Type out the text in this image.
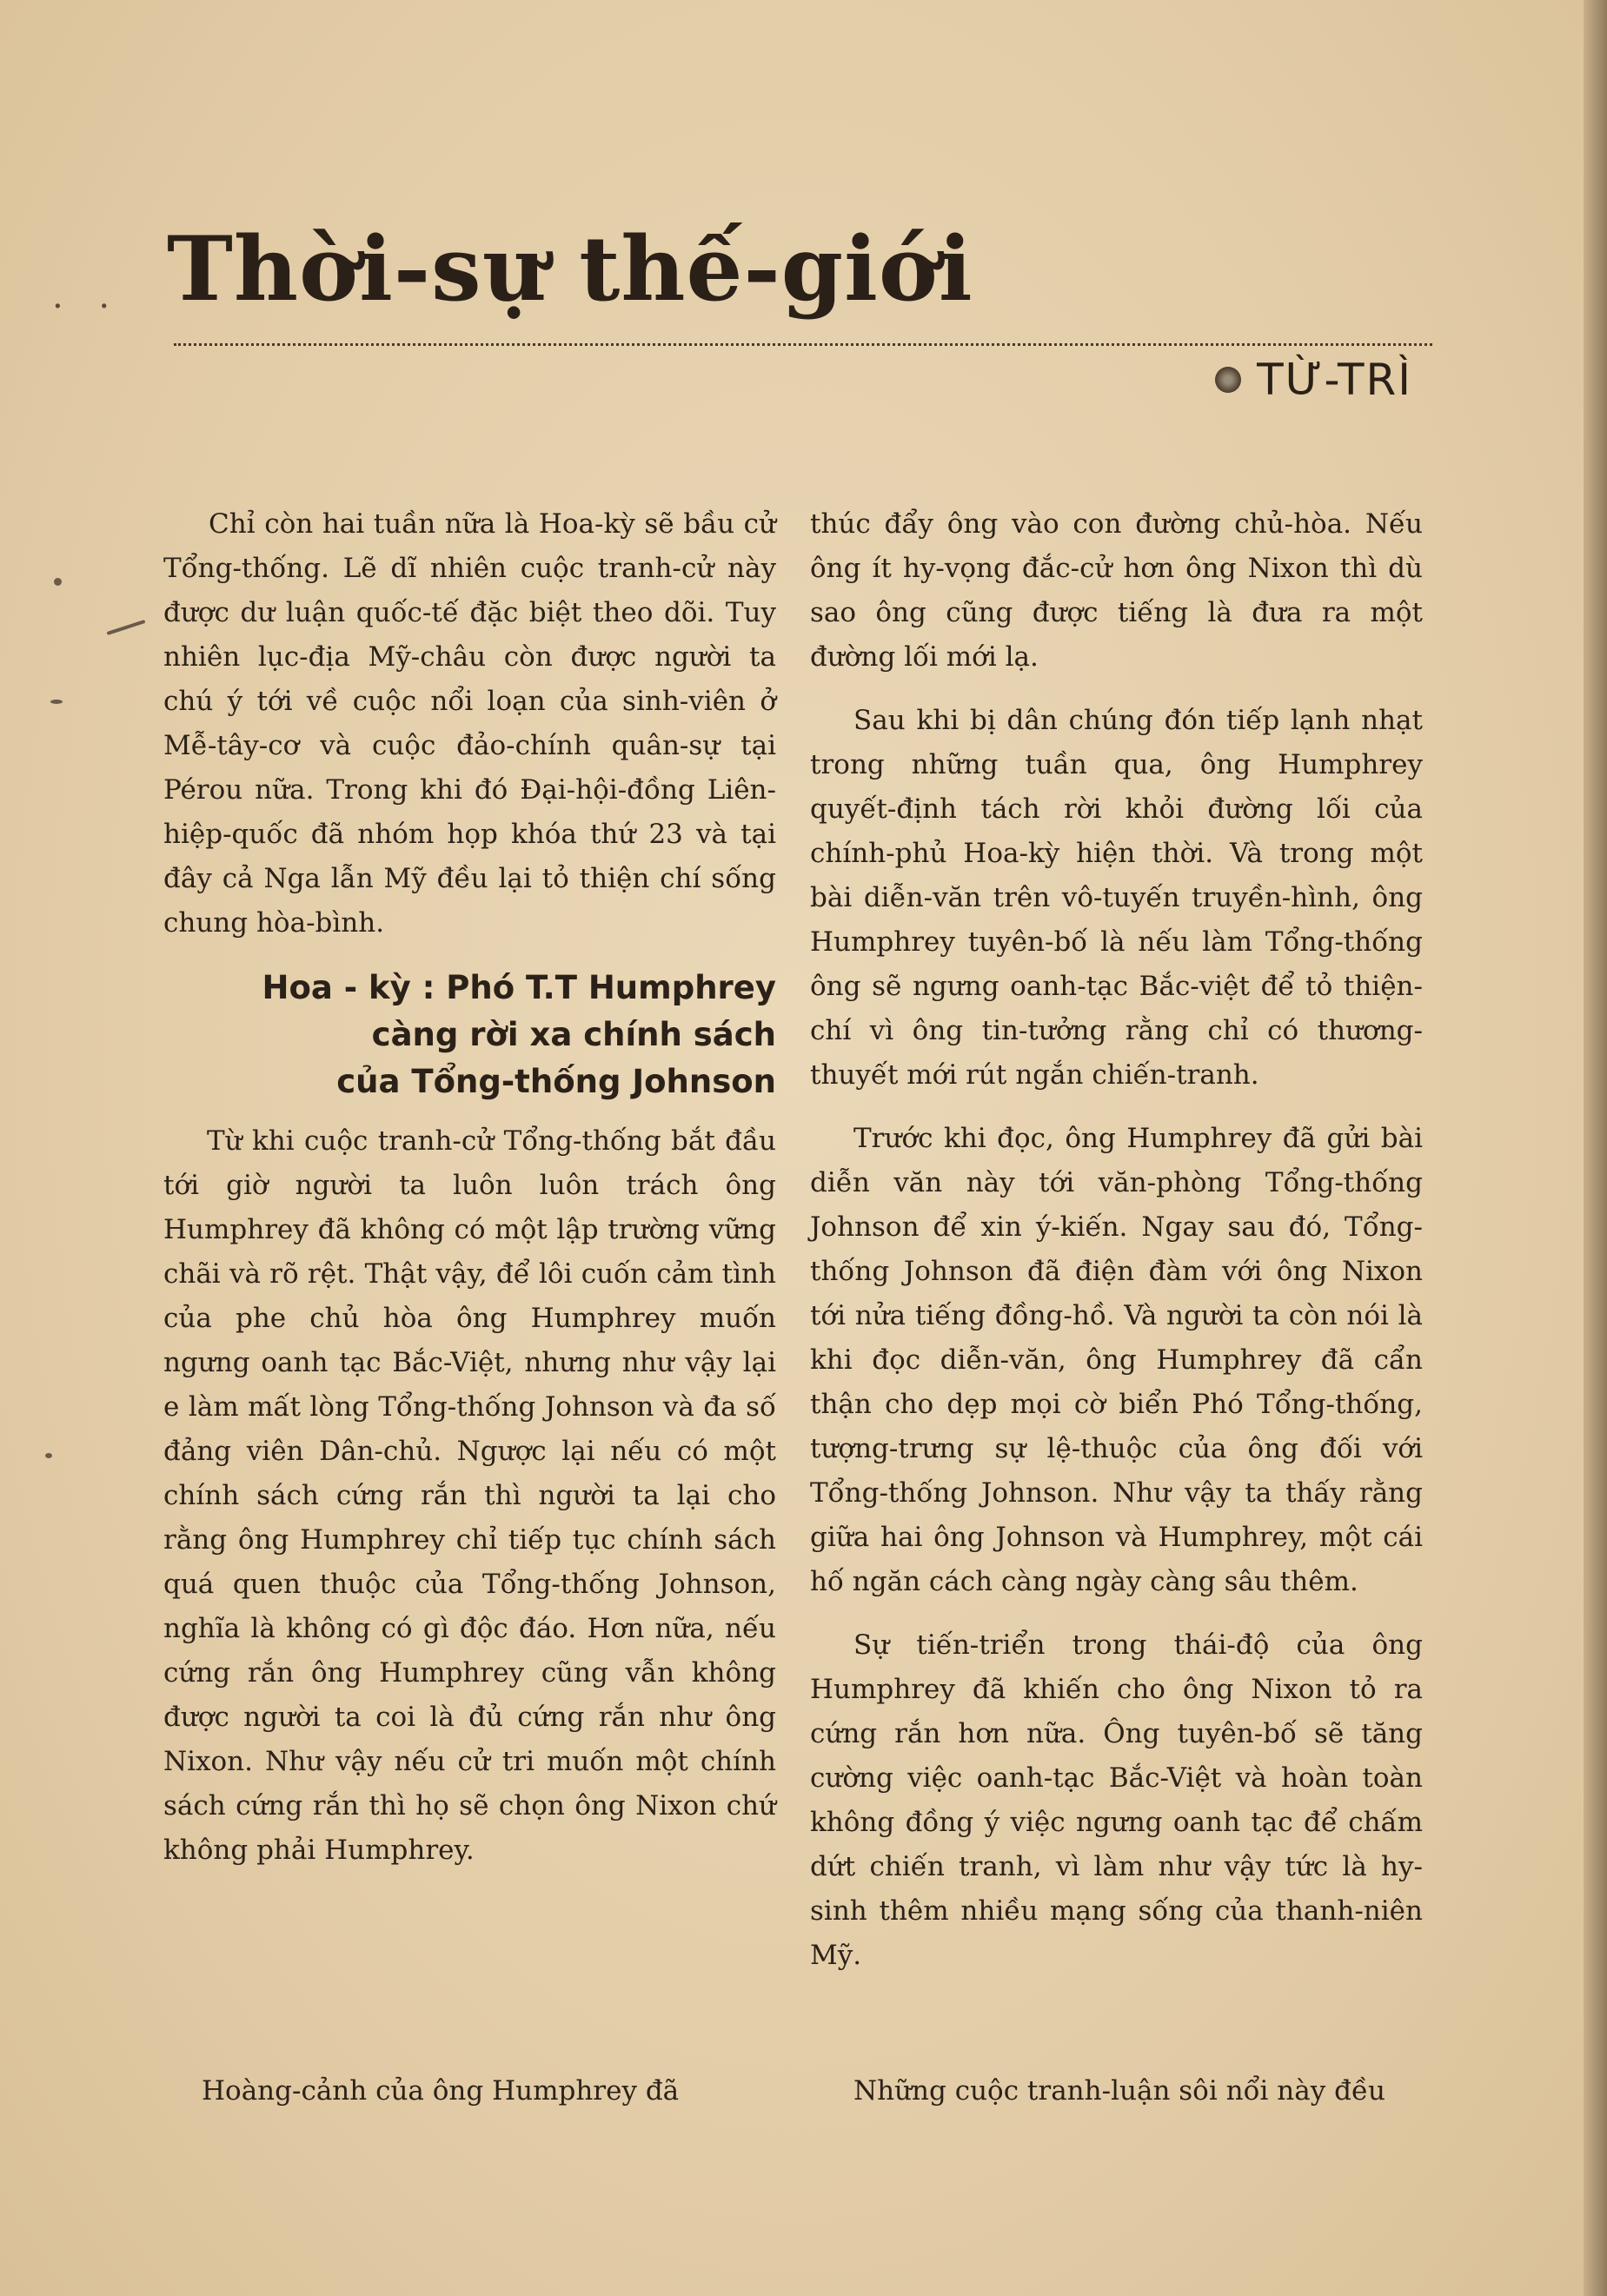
. . Thời-sự thế-giới
TỪ-TRÌ

Chỉ còn hai tuần nữa là Hoa-kỳ sẽ bầu cử Tổng-thống. Lẽ dĩ nhiên cuộc tranh-cử này được dư luận quốc-tế đặc biệt theo dõi. Tuy nhiên lục-địa Mỹ-châu còn được người ta chú ý tới về cuộc nổi loạn của sinh-viên ở Mễ-tây-cơ và cuộc đảo-chính quân-sự tại Pérou nữa. Trong khi đó Đại-hội-đồng Liên-hiệp-quốc đã nhóm họp khóa thứ 23 và tại đây cả Nga lẫn Mỹ đều lại tỏ thiện chí sống chung hòa-bình.

Hoa - kỳ : Phó T.T Humphrey
càng rời xa chính sách
của Tổng-thống Johnson

Từ khi cuộc tranh-cử Tổng-thống bắt đầu tới giờ người ta luôn luôn trách ông Humphrey đã không có một lập trường vững chãi và rõ rệt. Thật vậy, để lôi cuốn cảm tình của phe chủ hòa ông Humphrey muốn ngưng oanh tạc Bắc-Việt, nhưng như vậy lại e làm mất lòng Tổng-thống Johnson và đa số đảng viên Dân-chủ. Ngược lại nếu có một chính sách cứng rắn thì người ta lại cho rằng ông Humphrey chỉ tiếp tục chính sách quá quen thuộc của Tổng-thống Johnson, nghĩa là không có gì độc đáo. Hơn nữa, nếu cứng rắn ông Humphrey cũng vẫn không được người ta coi là đủ cứng rắn như ông Nixon. Như vậy nếu cử tri muốn một chính sách cứng rắn thì họ sẽ chọn ông Nixon chứ không phải Humphrey.

thúc đẩy ông vào con đường chủ-hòa. Nếu ông ít hy-vọng đắc-cử hơn ông Nixon thì dù sao ông cũng được tiếng là đưa ra một đường lối mới lạ.

Sau khi bị dân chúng đón tiếp lạnh nhạt trong những tuần qua, ông Humphrey quyết-định tách rời khỏi đường lối của chính-phủ Hoa-kỳ hiện thời. Và trong một bài diễn-văn trên vô-tuyến truyền-hình, ông Humphrey tuyên-bố là nếu làm Tổng-thống ông sẽ ngưng oanh-tạc Bắc-việt để tỏ thiện-chí vì ông tin-tưởng rằng chỉ có thương-thuyết mới rút ngắn chiến-tranh.

Trước khi đọc, ông Humphrey đã gửi bài diễn văn này tới văn-phòng Tổng-thống Johnson để xin ý-kiến. Ngay sau đó, Tổng-thống Johnson đã điện đàm với ông Nixon tới nửa tiếng đồng-hồ. Và người ta còn nói là khi đọc diễn-văn, ông Humphrey đã cẩn thận cho dẹp mọi cờ biển Phó Tổng-thống, tượng-trưng sự lệ-thuộc của ông đối với Tổng-thống Johnson. Như vậy ta thấy rằng giữa hai ông Johnson và Humphrey, một cái hố ngăn cách càng ngày càng sâu thêm.

Sự tiến-triển trong thái-độ của ông Humphrey đã khiến cho ông Nixon tỏ ra cứng rắn hơn nữa. Ông tuyên-bố sẽ tăng cường việc oanh-tạc Bắc-Việt và hoàn toàn không đồng ý việc ngưng oanh tạc để chấm dứt chiến tranh, vì làm như vậy tức là hy-sinh thêm nhiều mạng sống của thanh-niên Mỹ.

Hoàng-cảnh của ông Humphrey đã	Những cuộc tranh-luận sôi nổi này đều
